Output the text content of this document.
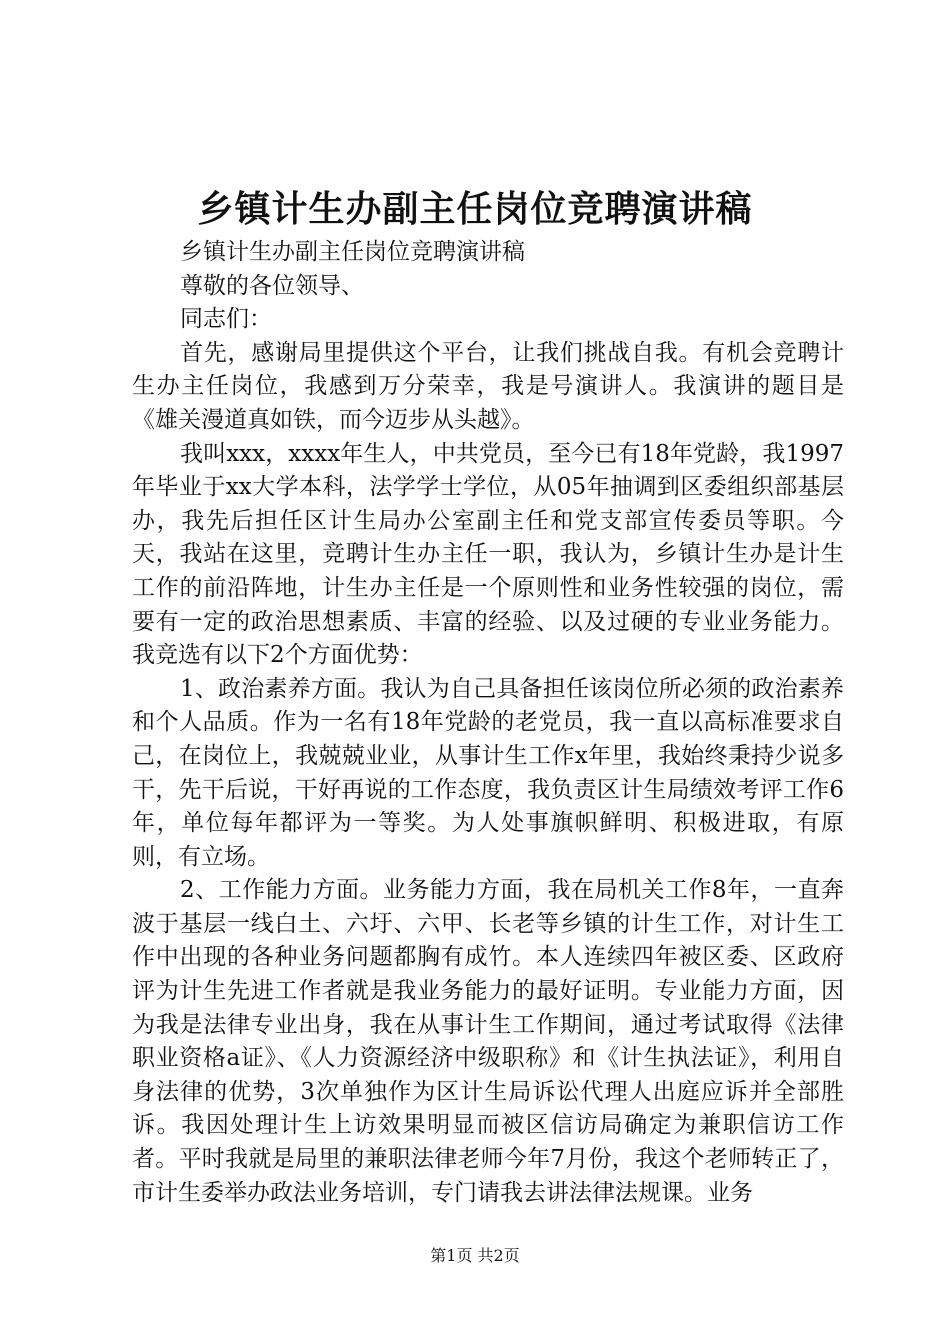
乡镇计生办副主任岗位竞聘演讲稿

乡镇计生办副主任岗位竞聘演讲稿

尊敬的各位领导、

同志们：

首先，感谢局里提供这个平台，让我们挑战自我。有机会竞聘计生办主任岗位，我感到万分荣幸，我是号演讲人。我演讲的题目是《雄关漫道真如铁，而今迈步从头越》。

我叫xxx，xxxx年生人，中共党员，至今已有18年党龄，我1997年毕业于xx大学本科，法学学士学位，从05年抽调到区委组织部基层办，我先后担任区计生局办公室副主任和党支部宣传委员等职。今天，我站在这里，竞聘计生办主任一职，我认为，乡镇计生办是计生工作的前沿阵地，计生办主任是一个原则性和业务性较强的岗位，需要有一定的政治思想素质、丰富的经验、以及过硬的专业业务能力。我竞选有以下2个方面优势：

1、政治素养方面。我认为自己具备担任该岗位所必须的政治素养和个人品质。作为一名有18年党龄的老党员，我一直以高标准要求自己，在岗位上，我兢兢业业，从事计生工作x年里，我始终秉持少说多干，先干后说，干好再说的工作态度，我负责区计生局绩效考评工作6年，单位每年都评为一等奖。为人处事旗帜鲜明、积极进取，有原则，有立场。

2、工作能力方面。业务能力方面，我在局机关工作8年，一直奔波于基层一线白土、六圩、六甲、长老等乡镇的计生工作，对计生工作中出现的各种业务问题都胸有成竹。本人连续四年被区委、区政府评为计生先进工作者就是我业务能力的最好证明。专业能力方面，因为我是法律专业出身，我在从事计生工作期间，通过考试取得《法律职业资格a证》、《人力资源经济中级职称》和《计生执法证》，利用自身法律的优势，3次单独作为区计生局诉讼代理人出庭应诉并全部胜诉。我因处理计生上访效果明显而被区信访局确定为兼职信访工作者。平时我就是局里的兼职法律老师今年7月份，我这个老师转正了，市计生委举办政法业务培训，专门请我去讲法律法规课。业务

第1页 共2页
